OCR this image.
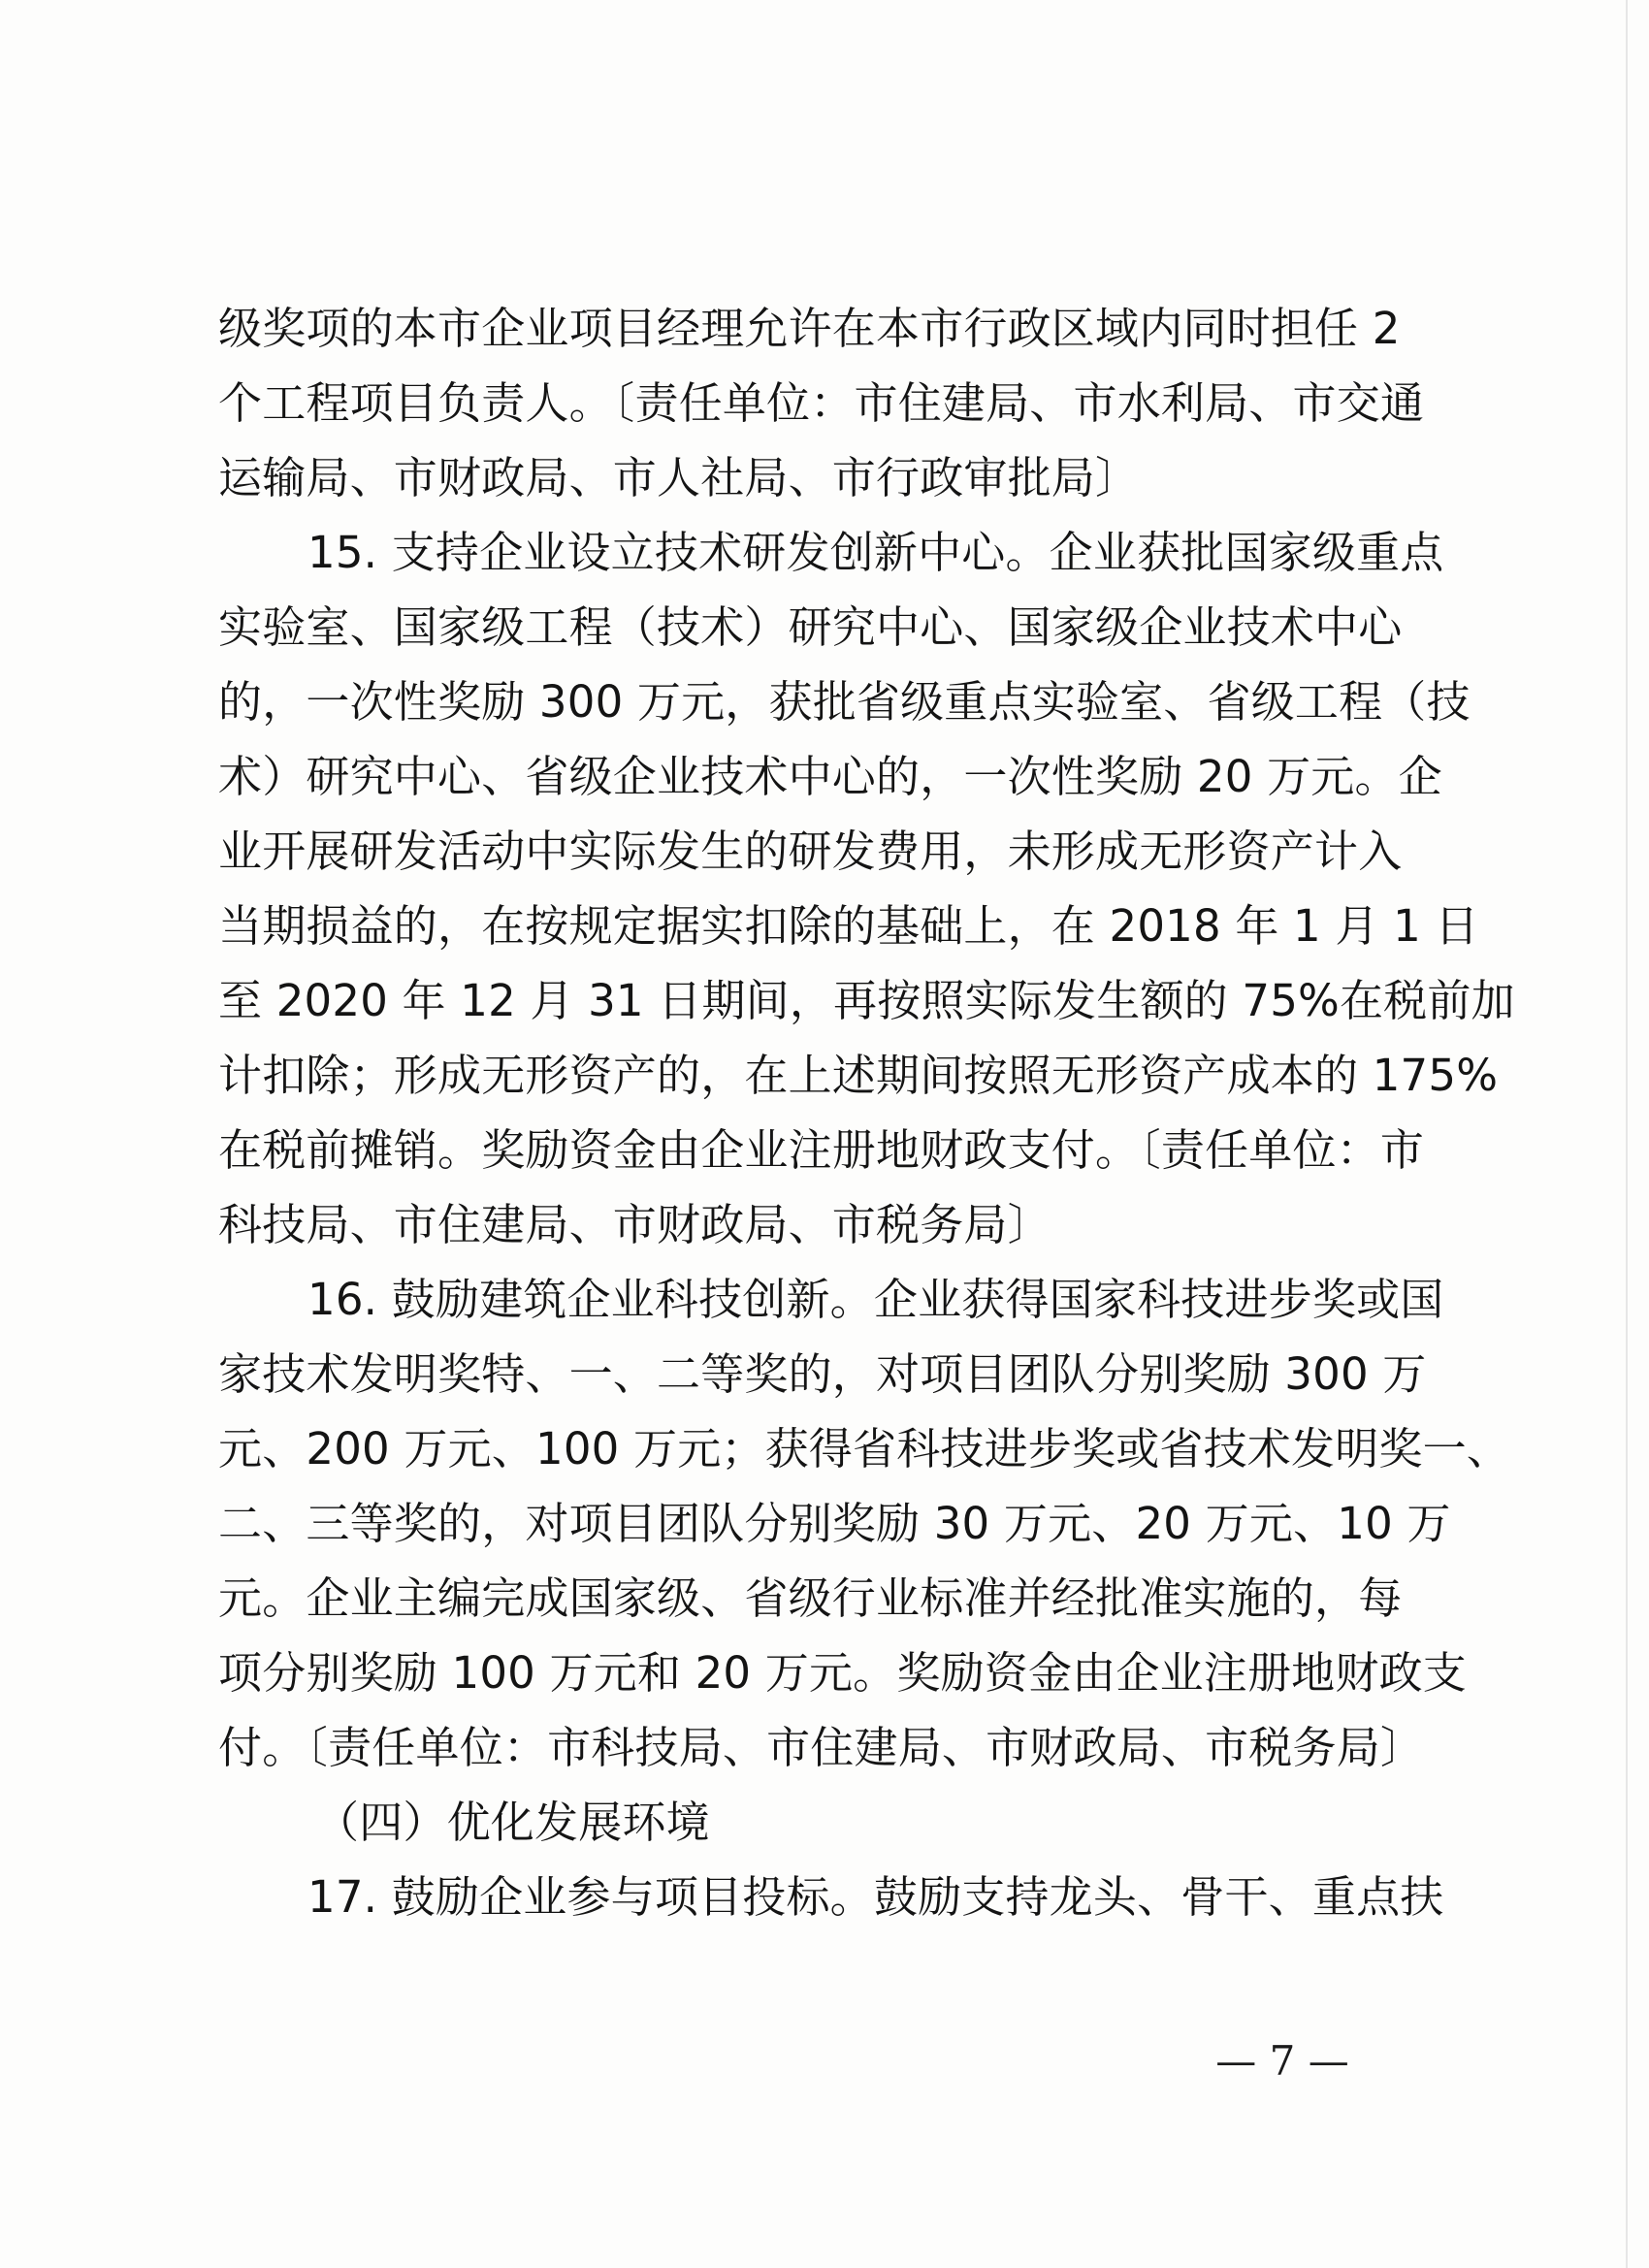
级奖项的本市企业项目经理允许在本市行政区域内同时担任 2
个工程项目负责人。〔责任单位：市住建局、市水利局、市交通
运输局、市财政局、市人社局、市行政审批局〕
15. 支持企业设立技术研发创新中心。企业获批国家级重点
实验室、国家级工程（技术）研究中心、国家级企业技术中心
的，一次性奖励 300 万元，获批省级重点实验室、省级工程（技
术）研究中心、省级企业技术中心的，一次性奖励 20 万元。企
业开展研发活动中实际发生的研发费用，未形成无形资产计入
当期损益的，在按规定据实扣除的基础上，在 2018 年 1 月 1 日
至 2020 年 12 月 31 日期间，再按照实际发生额的 75%在税前加
计扣除；形成无形资产的，在上述期间按照无形资产成本的 175%
在税前摊销。奖励资金由企业注册地财政支付。〔责任单位：市
科技局、市住建局、市财政局、市税务局〕
16. 鼓励建筑企业科技创新。企业获得国家科技进步奖或国
家技术发明奖特、一、二等奖的，对项目团队分别奖励 300 万
元、200 万元、100 万元；获得省科技进步奖或省技术发明奖一、
二、三等奖的，对项目团队分别奖励 30 万元、20 万元、10 万
元。企业主编完成国家级、省级行业标准并经批准实施的，每
项分别奖励 100 万元和 20 万元。奖励资金由企业注册地财政支
付。〔责任单位：市科技局、市住建局、市财政局、市税务局〕
（四）优化发展环境
17. 鼓励企业参与项目投标。鼓励支持龙头、骨干、重点扶
— 7 —
